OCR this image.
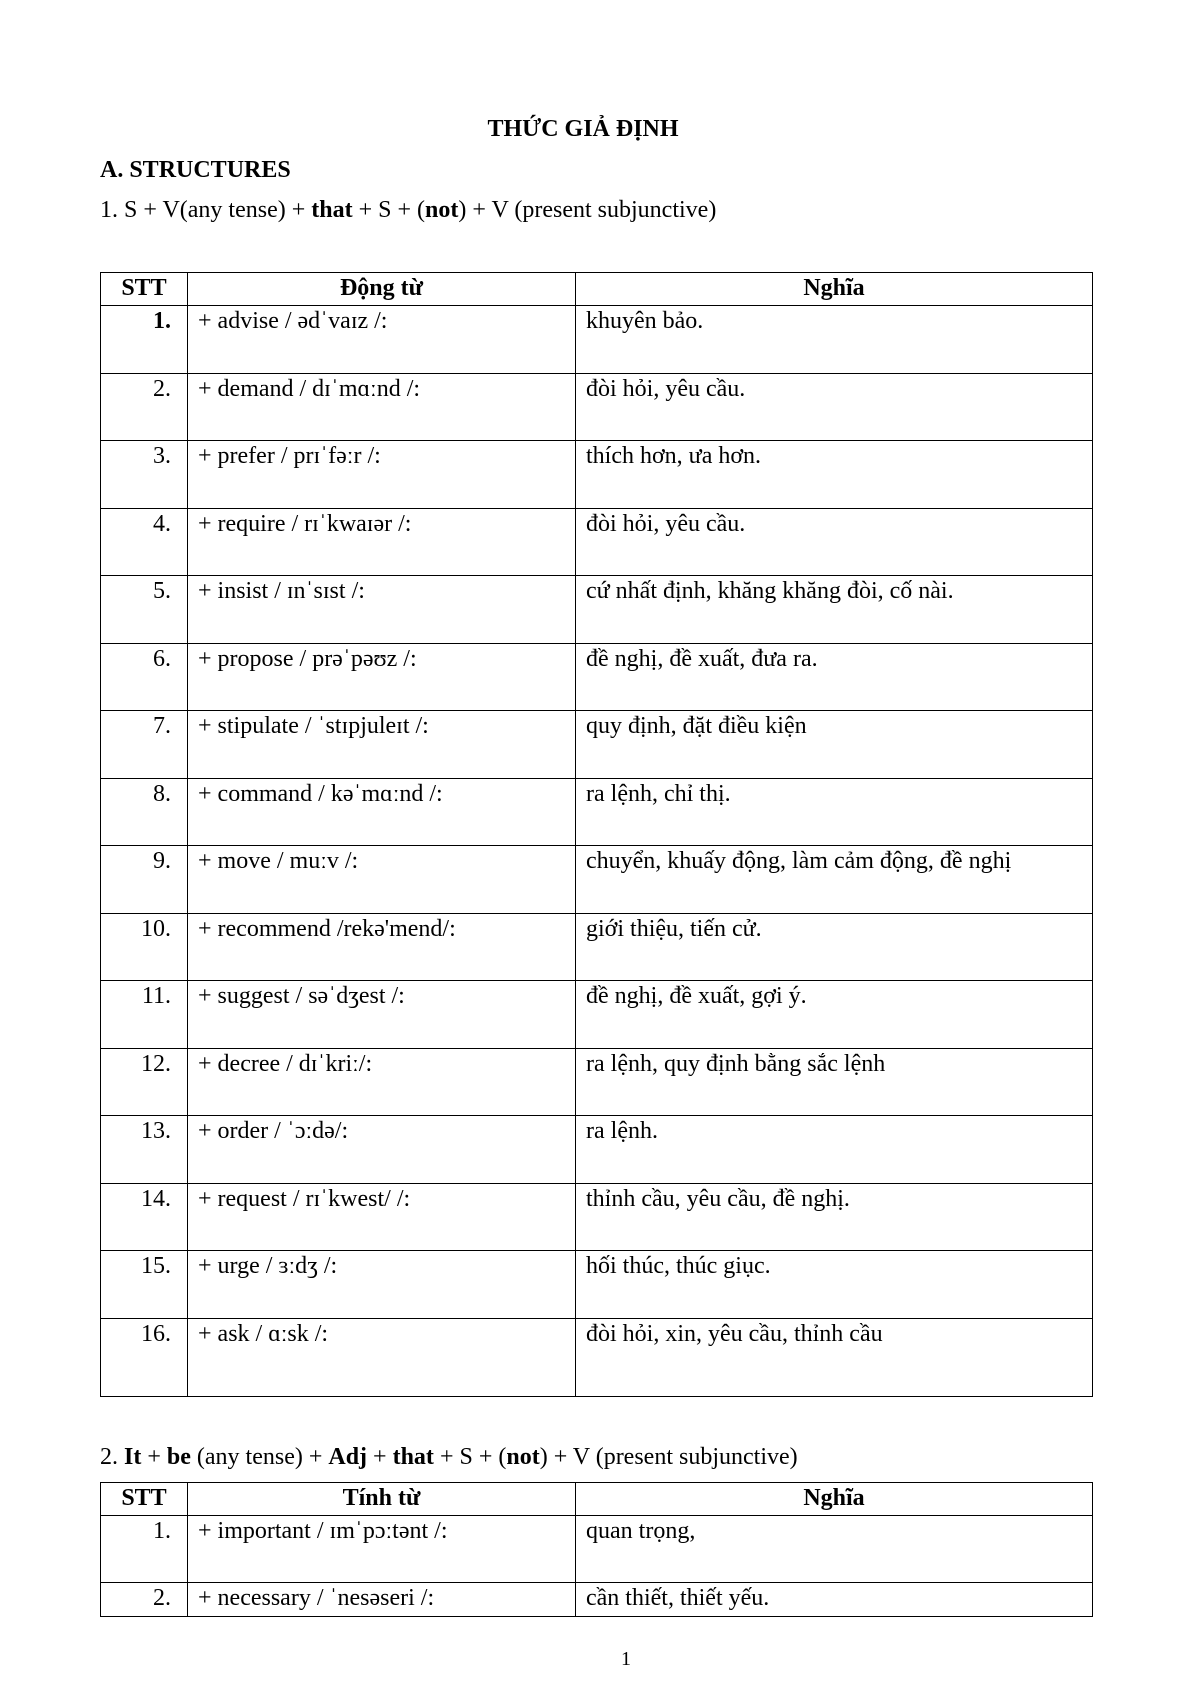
THỨC GIẢ ĐỊNH
A. STRUCTURES
1. S + V(any tense) + that + S + (not) + V (present subjunctive)
STT	Động từ	Nghĩa
1.	+ advise / ədˈvaɪz /:	khuyên bảo.
2.	+ demand / dɪˈmɑːnd /:	đòi hỏi, yêu cầu.
3.	+ prefer / prɪˈfəːr /:	thích hơn, ưa hơn.
4.	+ require / rɪˈkwaɪər /:	đòi hỏi, yêu cầu.
5.	+ insist / ɪnˈsɪst /:	cứ nhất định, khăng khăng đòi, cố nài.
6.	+ propose / prəˈpəʊz /:	đề nghị, đề xuất, đưa ra.
7.	+ stipulate / ˈstɪpjuleɪt /:	quy định, đặt điều kiện
8.	+ command / kəˈmɑːnd /:	ra lệnh, chỉ thị.
9.	+ move / muːv /:	chuyển, khuấy động, làm cảm động, đề nghị
10.	+ recommend /rekə'mend/:	giới thiệu, tiến cử.
11.	+ suggest / səˈdʒest /:	đề nghị, đề xuất, gợi ý.
12.	+ decree / dɪˈkriː/:	ra lệnh, quy định bằng sắc lệnh
13.	+ order / ˈɔːdə/:	ra lệnh.
14.	+ request / rɪˈkwest/ /:	thỉnh cầu, yêu cầu, đề nghị.
15.	+ urge / ɜːdʒ /:	hối thúc, thúc giục.
16.	+ ask / ɑːsk /:	đòi hỏi, xin, yêu cầu, thỉnh cầu
2. It + be (any tense) + Adj + that + S + (not) + V (present subjunctive)
STT	Tính từ	Nghĩa
1.	+ important / ɪmˈpɔːtənt /:	quan trọng,
2.	+ necessary / ˈnesəseri /:	cần thiết, thiết yếu.
1
